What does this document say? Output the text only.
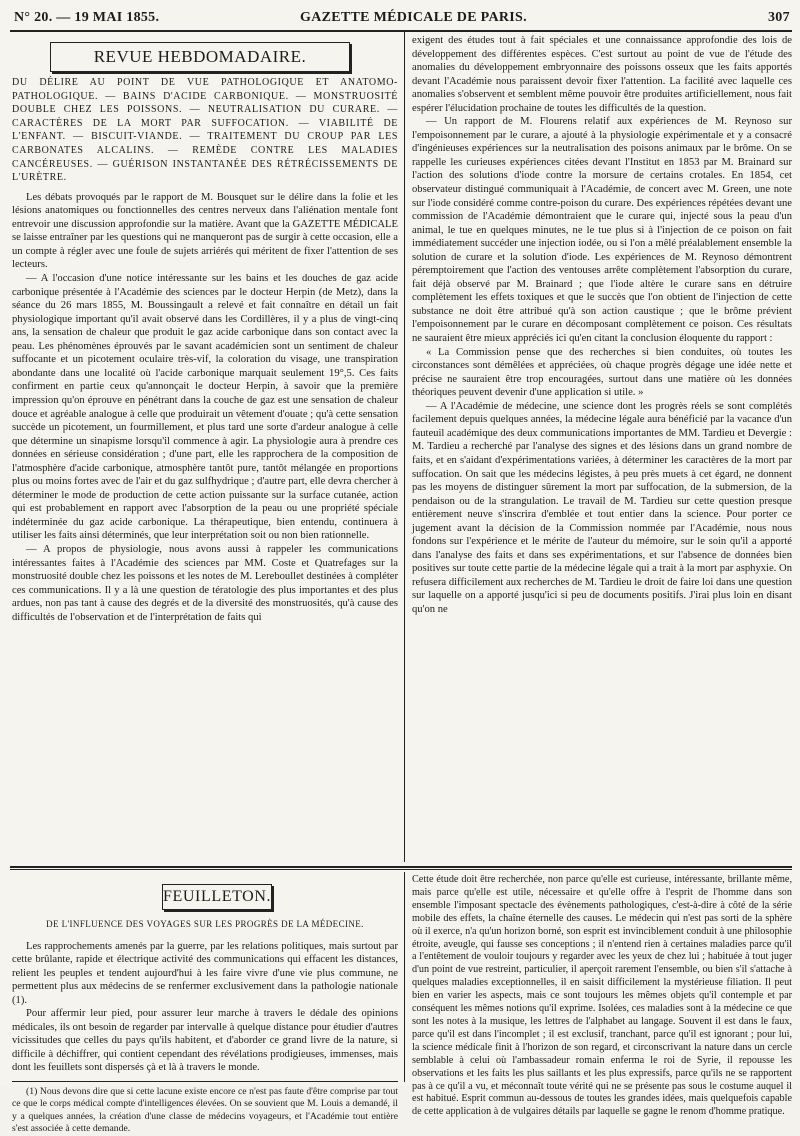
N° 20. — 19 MAI 1855.	GAZETTE MÉDICALE DE PARIS.	307
REVUE HEBDOMADAIRE.
DU DÉLIRE AU POINT DE VUE PATHOLOGIQUE ET ANATOMO-PATHOLOGIQUE. — BAINS D'ACIDE CARBONIQUE. — MONSTRUOSITÉ DOUBLE CHEZ LES POISSONS. — NEUTRALISATION DU CURARE. — CARACTÈRES DE LA MORT PAR SUFFOCATION. — VIABILITÉ DE L'ENFANT. — BISCUIT-VIANDE. — TRAITEMENT DU CROUP PAR LES CARBONATES ALCALINS. — REMÈDE CONTRE LES MALADIES CANCÉREUSES. — GUÉRISON INSTANTANÉE DES RÉTRÉCISSEMENTS DE L'URÈTRE.

Les débats provoqués par le rapport de M. Bousquet sur le délire dans la folie et les lésions anatomiques ou fonctionnelles des centres nerveux dans l'aliénation mentale font entrevoir une discussion approfondie sur la matière. Avant que la GAZETTE MÉDICALE se laisse entraîner par les questions qui ne manqueront pas de surgir à cette occasion, elle a un compte à régler avec une foule de sujets arriérés qui méritent de fixer l'attention de ses lecteurs.

— A l'occasion d'une notice intéressante sur les bains et les douches de gaz acide carbonique présentée à l'Académie des sciences par le docteur Herpin (de Metz), dans la séance du 26 mars 1855, M. Boussingault a relevé et fait connaître en détail un fait physiologique important qu'il avait observé dans les Cordillères, il y a plus de vingt-cinq ans, la sensation de chaleur que produit le gaz acide carbonique dans son contact avec la peau. Les phénomènes éprouvés par le savant académicien sont un sentiment de chaleur suffocante et un picotement oculaire très-vif, la coloration du visage, une transpiration abondante dans une localité où l'acide carbonique marquait seulement 19°,5. Ces faits confirment en partie ceux qu'annonçait le docteur Herpin, à savoir que la première impression qu'on éprouve en pénétrant dans la couche de gaz est une sensation de chaleur douce et agréable analogue à celle que produirait un vêtement d'ouate ; qu'à cette sensation succède un picotement, un fourmillement, et plus tard une sorte d'ardeur analogue à celle que détermine un sinapisme lorsqu'il commence à agir. La physiologie aura à prendre ces données en sérieuse considération ; d'une part, elle les rapprochera de la composition de l'atmosphère d'acide carbonique, atmosphère tantôt pure, tantôt mélangée en proportions plus ou moins fortes avec de l'air et du gaz sulfhydrique ; d'autre part, elle devra chercher à déterminer le mode de production de cette action puissante sur la surface cutanée, action qui est probablement en rapport avec l'absorption de la peau ou une propriété spéciale indéterminée du gaz acide carbonique. La thérapeutique, bien entendu, continuera à utiliser les faits ainsi déterminés, que leur interprétation soit ou non bien rationnelle.

— A propos de physiologie, nous avons aussi à rappeler les communications intéressantes faites à l'Académie des sciences par MM. Coste et Quatrefages sur la monstruosité double chez les poissons et les notes de M. Lereboullet destinées à compléter ces communications. Il y a là une question de tératologie des plus importantes et des plus ardues, non pas tant à cause des degrés et de la diversité des monstruosités, qu'à cause des difficultés de l'observation et de l'interprétation de faits qui

exigent des études tout à fait spéciales et une connaissance approfondie des lois de développement des différentes espèces. C'est surtout au point de vue de l'étude des anomalies du développement embryonnaire des poissons osseux que les faits apportés devant l'Académie nous paraissent devoir fixer l'attention. La facilité avec laquelle ces anomalies s'observent et semblent même pouvoir être produites artificiellement, nous fait espérer l'élucidation prochaine de toutes les difficultés de la question.

— Un rapport de M. Flourens relatif aux expériences de M. Reynoso sur l'empoisonnement par le curare, a ajouté à la physiologie expérimentale et y a consacré d'ingénieuses expériences sur la neutralisation des poisons animaux par le brôme. On se rappelle les curieuses expériences citées devant l'Institut en 1853 par M. Brainard sur l'action des solutions d'iode contre la morsure de certains crotales. En 1854, cet observateur distingué communiquait à l'Académie, de concert avec M. Green, une note sur l'iode considéré comme contre-poison du curare. Des expériences répétées devant une commission de l'Académie démontraient que le curare qui, injecté sous la peau d'un animal, le tue en quelques minutes, ne le tue plus si à l'injection de ce poison on fait immédiatement succéder une injection iodée, ou si l'on a mêlé préalablement ensemble la solution de curare et la solution d'iode. Les expériences de M. Reynoso démontrent péremptoirement que l'action des ventouses arrête complètement l'absorption du curare, fait déjà observé par M. Brainard ; que l'iode altère le curare sans en détruire complètement les effets toxiques et que le succès que l'on obtient de l'injection de cette substance ne doit être attribué qu'à son action caustique ; que le brôme prévient l'empoisonnement par le curare en décomposant complètement ce poison. Ces résultats ne sauraient être mieux appréciés ici qu'en citant la conclusion éloquente du rapport :

« La Commission pense que des recherches si bien conduites, où toutes les circonstances sont démêlées et appréciées, où chaque progrès dégage une idée nette et précise ne sauraient être trop encouragées, surtout dans une matière où les données théoriques peuvent devenir d'une application si utile. »

— A l'Académie de médecine, une science dont les progrès réels se sont complétés facilement depuis quelques années, la médecine légale aura bénéficié par la vacance d'un fauteuil académique des deux communications importantes de MM. Tardieu et Devergie : M. Tardieu a recherché par l'analyse des signes et des lésions dans un grand nombre de faits, et en s'aidant d'expérimentations variées, à déterminer les caractères de la mort par suffocation. On sait que les médecins légistes, à peu près muets à cet égard, ne donnent pas les moyens de distinguer sûrement la mort par suffocation, de la submersion, de la pendaison ou de la strangulation. Le travail de M. Tardieu sur cette question presque entièrement neuve s'inscrira d'emblée et tout entier dans la science. Pour porter ce jugement avant la décision de la Commission nommée par l'Académie, nous nous fondons sur l'expérience et le mérite de l'auteur du mémoire, sur le soin qu'il a apporté dans l'analyse des faits et dans ses expérimentations, et sur l'absence de données bien positives sur toute cette partie de la médecine légale qui a trait à la mort par asphyxie. On refusera difficilement aux recherches de M. Tardieu le droit de faire loi dans une question sur laquelle on a apporté jusqu'ici si peu de documents positifs. J'irai plus loin en disant qu'on ne

FEUILLETON.
DE L'INFLUENCE DES VOYAGES SUR LES PROGRÈS DE LA MÉDECINE.

Les rapprochements amenés par la guerre, par les relations politiques, mais surtout par cette brûlante, rapide et électrique activité des communications qui effacent les distances, relient les peuples et tendent aujourd'hui à les faire vivre d'une vie plus commune, ne permettent plus aux médecins de se renfermer exclusivement dans la pathologie nationale (1).

Pour affermir leur pied, pour assurer leur marche à travers le dédale des opinions médicales, ils ont besoin de regarder par intervalle à quelque distance pour étudier d'autres vicissitudes que celles du pays qu'ils habitent, et d'aborder ce grand livre de la nature, si difficile à déchiffrer, qui contient cependant des révélations prodigieuses, immenses, mais dont les feuillets sont dispersés çà et là à travers le monde.

(1) Nous devons dire que si cette lacune existe encore ce n'est pas faute d'être comprise par tout ce que le corps médical compte d'intelligences élevées. On se souvient que M. Louis a demandé, il y a quelques années, la création d'une classe de médecins voyageurs, et l'Académie tout entière s'est associée à cette demande.

Cette étude doit être recherchée, non parce qu'elle est curieuse, intéressante, brillante même, mais parce qu'elle est utile, nécessaire et qu'elle offre à l'esprit de l'homme dans son ensemble l'imposant spectacle des évènements pathologiques, c'est-à-dire à côté de la série mobile des effets, la chaîne éternelle des causes. Le médecin qui n'est pas sorti de la sphère où il exerce, n'a qu'un horizon borné, son esprit est invinciblement conduit à une philosophie étroite, aveugle, qui fausse ses conceptions ; il n'entend rien à certaines maladies parce qu'il a l'entêtement de vouloir toujours y regarder avec les yeux de chez lui ; habituée à tout juger d'un point de vue restreint, particulier, il aperçoit rarement l'ensemble, ou bien s'il s'attache à quelques maladies exceptionnelles, il en saisit difficilement la mystérieuse filiation. Il peut bien en varier les aspects, mais ce sont toujours les mêmes objets qu'il contemple et par conséquent les mêmes notions qu'il exprime. Isolées, ces maladies sont à la médecine ce que sont les notes à la musique, les lettres de l'alphabet au langage. Souvent il est dans le faux, parce qu'il est dans l'incomplet ; il est exclusif, tranchant, parce qu'il est ignorant ; pour lui, la science médicale finit à l'horizon de son regard, et circonscrivant la nature dans un cercle semblable à celui où l'ambassadeur romain enferma le roi de Syrie, il repousse les observations et les faits les plus saillants et les plus expressifs, parce qu'ils ne se rapportent pas à ce qu'il a vu, et méconnaît toute vérité qui ne se présente pas sous le costume auquel il est habitué. Esprit commun au-dessous de toutes les grandes idées, mais quelquefois capable de cette application à de vulgaires détails par laquelle se gagne le renom d'homme pratique.
